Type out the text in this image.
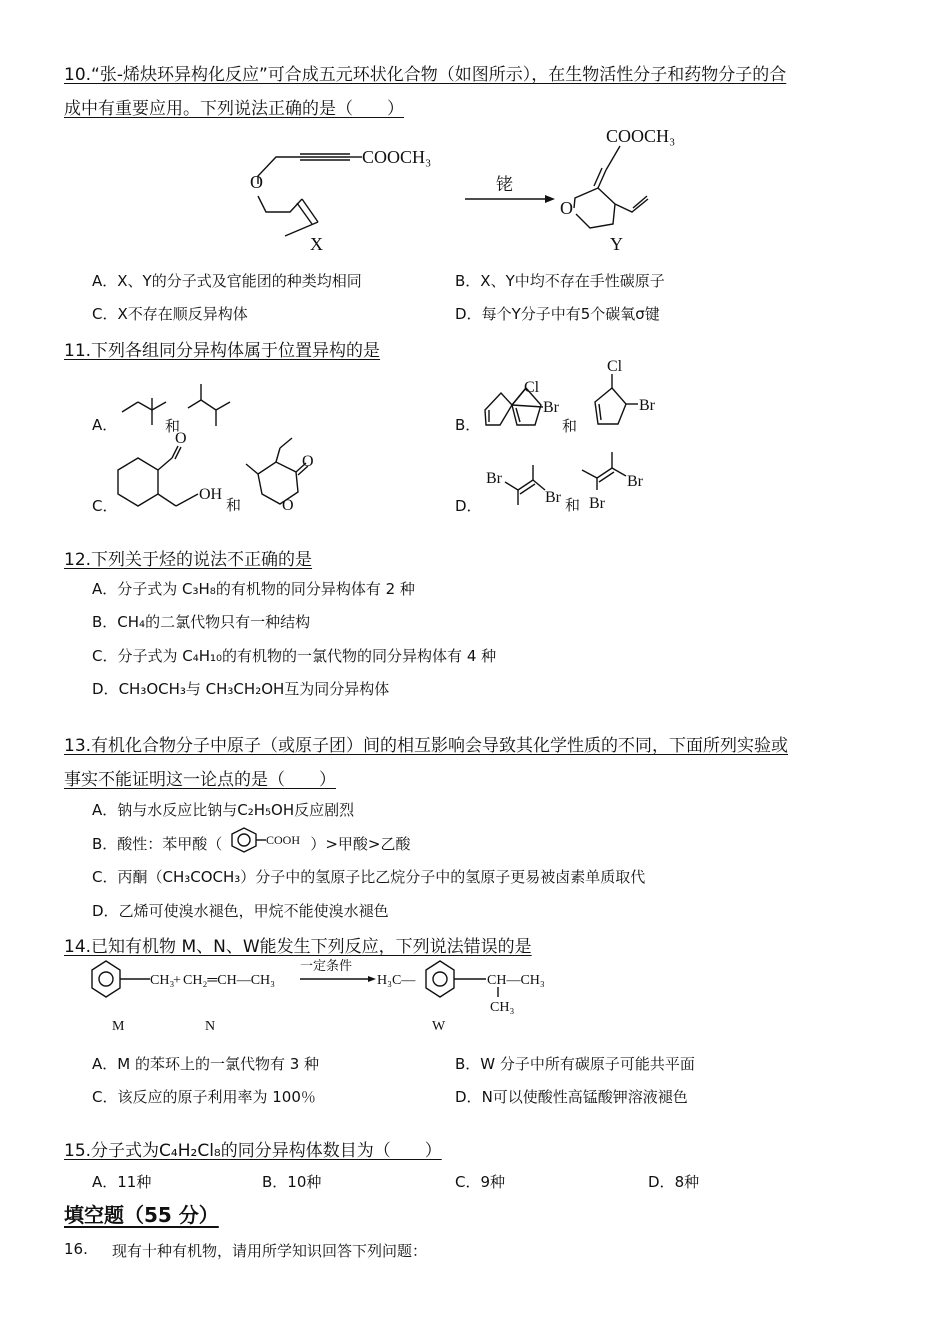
10.“张-烯炔环异构化反应”可合成五元环状化合物（如图所示），在生物活性分子和药物分子的合
成中有重要应用。下列说法正确的是（　　）
COOCH₃
O
X
铑
COOCH₃
O
Y
A．X、Y的分子式及官能团的种类均相同	B．X、Y中均不存在手性碳原子
C．X不存在顺反异构体	D．每个Y分子中有5个碳氧σ键
11.下列各组同分异构体属于位置异构的是
A．	和	B．	和
C．	和	D．	和
Cl
Br
Cl
Br
O
OH
O
O
Br
Br
Br
Br
12.下列关于烃的说法不正确的是
A．分子式为 C₃H₈的有机物的同分异构体有 2 种
B．CH₄的二氯代物只有一种结构
C．分子式为 C₄H₁₀的有机物的一氯代物的同分异构体有 4 种
D．CH₃OCH₃与 CH₃CH₂OH互为同分异构体
13.有机化合物分子中原子（或原子团）间的相互影响会导致其化学性质的不同，下面所列实验或
事实不能证明这一论点的是（　　）
A．钠与水反应比钠与C₂H₅OH反应剧烈
B．酸性：苯甲酸（	COOH ）>甲酸>乙酸
C．丙酮（CH₃COCH₃）分子中的氢原子比乙烷分子中的氢原子更易被卤素单质取代
D．乙烯可使溴水褪色，甲烷不能使溴水褪色
14.已知有机物 M、N、W能发生下列反应，下列说法错误的是
CH₃
+ CH₂═CH—CH₃
一定条件
H₃C—	CH—CH₃
CH₃
M	N	W
A．M 的苯环上的一氯代物有 3 种	B．W 分子中所有碳原子可能共平面
C．该反应的原子利用率为 100％	D．N可以使酸性高锰酸钾溶液褪色
15.分子式为C₄H₂Cl₈的同分异构体数目为（　　）
A．11种	B．10种	C．9种	D．8种
填空题（55 分）
16. 现有十种有机物，请用所学知识回答下列问题：
